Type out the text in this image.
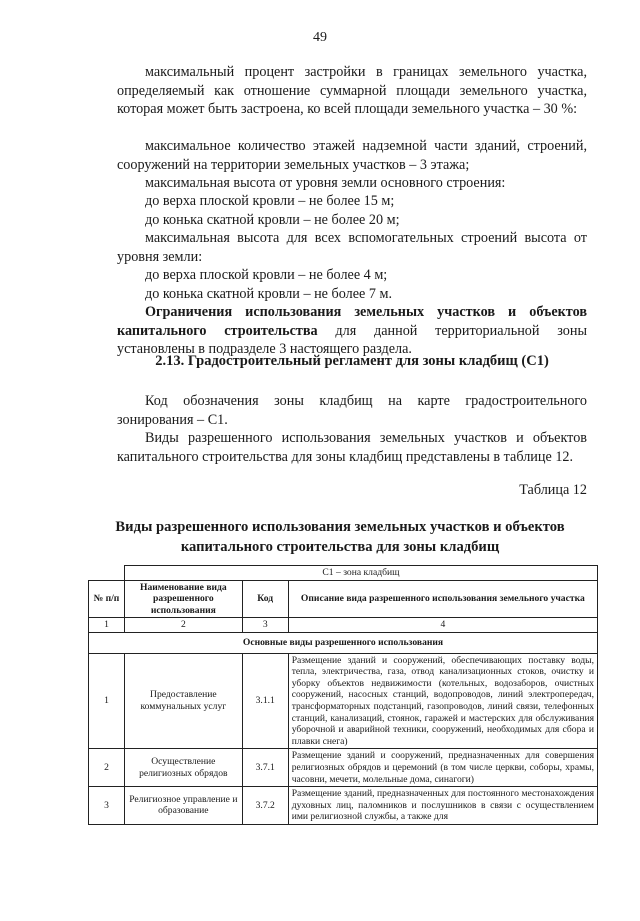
49

максимальный процент застройки в границах земельного участка, определяемый как отношение суммарной площади земельного участка, которая может быть застроена, ко всей площади земельного участка – 30 %:

максимальное количество этажей надземной части зданий, строений, сооружений на территории земельных участков – 3 этажа;

максимальная высота от уровня земли основного строения:
до верха плоской кровли – не более 15 м;
до конька скатной кровли – не более 20 м;

максимальная высота для всех вспомогательных строений высота от уровня земли:

до верха плоской кровли – не более 4 м;
до конька скатной кровли – не более 7 м.

Ограничения использования земельных участков и объектов капитального строительства для данной территориальной зоны установлены в подразделе 3 настоящего раздела.

2.13. Градостроительный регламент для зоны кладбищ (С1)

Код обозначения зоны кладбищ на карте градостроительного зонирования – С1.

Виды разрешенного использования земельных участков и объектов капитального строительства для зоны кладбищ представлены в таблице 12.

Таблица 12
Виды разрешенного использования земельных участков и объектов капитального строительства для зоны кладбищ
	С1 – зона кладбищ		
№ п/п	Наименование вида разрешенного использования	Код	Описание вида разрешенного использования земельного участка
1	2	3	4
Основные виды разрешенного использования			
1	Предоставление коммунальных услуг	3.1.1	Размещение зданий и сооружений, обеспечивающих поставку воды, тепла, электричества, газа, отвод канализационных стоков, очистку и уборку объектов недвижимости (котельных, водозаборов, очистных сооружений, насосных станций, водопроводов, линий электропередач, трансформаторных подстанций, газопроводов, линий связи, телефонных станций, канализаций, стоянок, гаражей и мастерских для обслуживания уборочной и аварийной техники, сооружений, необходимых для сбора и плавки снега)
2	Осуществление религиозных обрядов	3.7.1	Размещение зданий и сооружений, предназначенных для совершения религиозных обрядов и церемоний (в том числе церкви, соборы, храмы, часовни, мечети, молельные дома, синагоги)
3	Религиозное управление и образование	3.7.2	Размещение зданий, предназначенных для постоянного местонахождения духовных лиц, паломников и послушников в связи с осуществлением ими религиозной службы, а также для
